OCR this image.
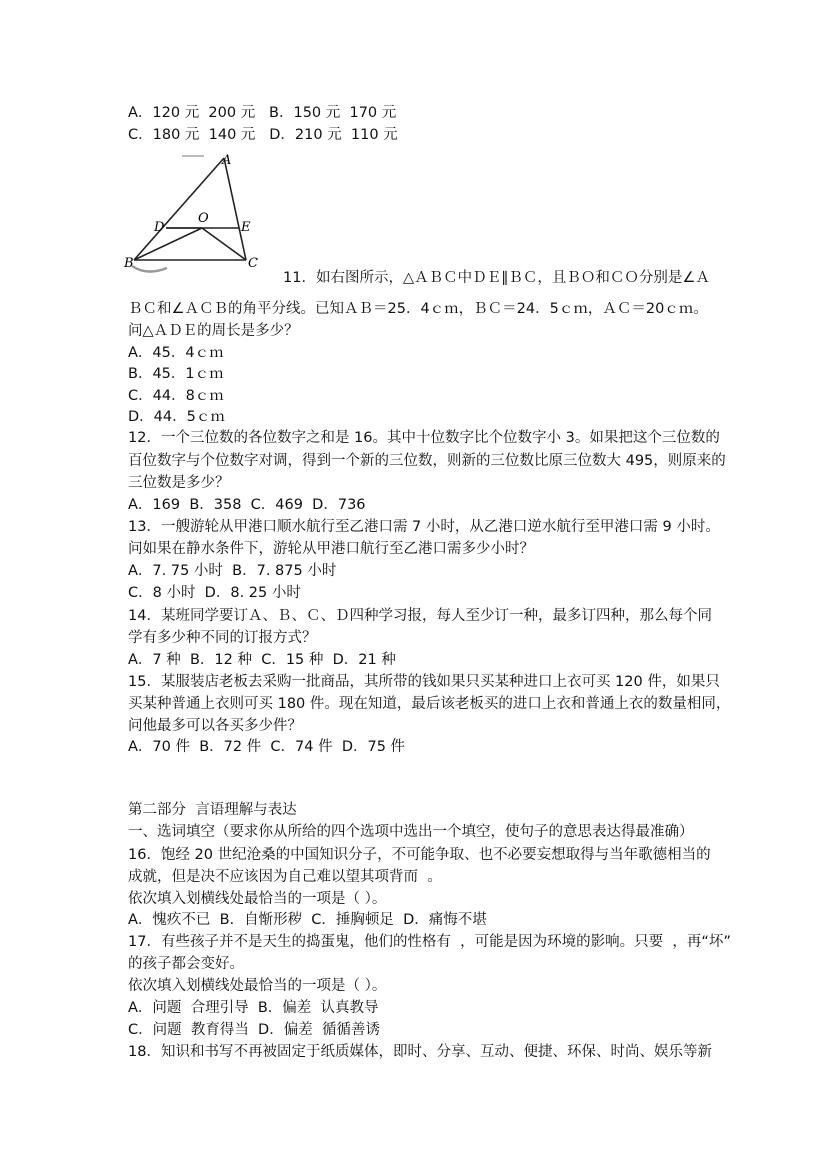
A
D
O
E
B	C
A．120 元  200 元   B．150 元  170 元
C．180 元  140 元   D．210 元  110 元
11．如右图所示，△ＡＢＣ中ＤＥ∥ＢＣ，且ＢＯ和ＣＯ分别是∠Ａ
ＢＣ和∠ＡＣＢ的角平分线。已知ＡＢ＝25．4ｃｍ，ＢＣ＝24．5ｃｍ，ＡＣ＝20ｃｍ。
问△ＡＤＥ的周长是多少？
A．45．4ｃｍ
B．45．1ｃｍ
C．44．8ｃｍ
D．44．5ｃｍ
12．一个三位数的各位数字之和是 16。其中十位数字比个位数字小 3。如果把这个三位数的
百位数字与个位数字对调，得到一个新的三位数，则新的三位数比原三位数大 495，则原来的
三位数是多少？
A．169  B．358  C．469  D．736
13．一艘游轮从甲港口顺水航行至乙港口需 7 小时，从乙港口逆水航行至甲港口需 9 小时。
问如果在静水条件下，游轮从甲港口航行至乙港口需多少小时？
A．7. 75 小时  B．7. 875 小时
C．8 小时  D．8. 25 小时
14．某班同学要订Ａ、Ｂ、Ｃ、Ｄ四种学习报，每人至少订一种，最多订四种，那么每个同
学有多少种不同的订报方式？
A．7 种  B．12 种  C．15 种  D．21 种
15．某服装店老板去采购一批商品，其所带的钱如果只买某种进口上衣可买 120 件，如果只
买某种普通上衣则可买 180 件。现在知道，最后该老板买的进口上衣和普通上衣的数量相同，
问他最多可以各买多少件？
A．70 件  B．72 件  C．74 件  D．75 件
第二部分  言语理解与表达
一、选词填空（要求你从所给的四个选项中选出一个填空，使句子的意思表达得最准确）
16．饱经 20 世纪沧桑的中国知识分子，不可能争取、也不必要妄想取得与当年歌德相当的
成就，但是决不应该因为自己难以望其项背而  。
依次填入划横线处最恰当的一项是（ ）。
A．愧疚不已  B．自惭形秽  C．捶胸顿足  D．痛悔不堪
17．有些孩子并不是天生的捣蛋鬼，他们的性格有  ，可能是因为环境的影响。只要  ，再“坏”
的孩子都会变好。
依次填入划横线处最恰当的一项是（ ）。
A．问题  合理引导  B．偏差  认真教导
C．问题  教育得当  D．偏差  循循善诱
18．知识和书写不再被固定于纸质媒体，即时、分享、互动、便捷、环保、时尚、娱乐等新
